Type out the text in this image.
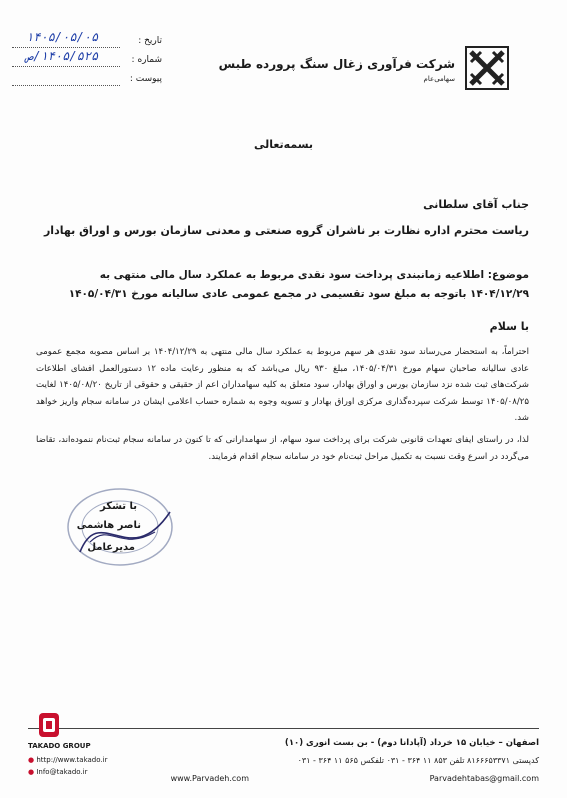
شرکت فرآوری زغال سنگ پرورده طبس
سهامی‌عام
تاریخ :
۱۴۰۵/۰۵/۰۵
شماره :
۱۴۰۵/۵۲۵/ص
پیوست :
بسمه‌تعالی
جناب آقای سلطانی
ریاست محترم اداره نظارت بر ناشران گروه صنعتی و معدنی سازمان بورس و اوراق بهادار
موضوع: اطلاعیه زمانبندی پرداخت سود نقدی مربوط به عملکرد سال مالی منتهی به ۱۴۰۴/۱۲/۲۹ باتوجه به مبلغ سود تقسیمی در مجمع عمومی عادی سالیانه مورخ ۱۴۰۵/۰۴/۳۱
با سلام
احتراماً، به استحضار می‌رساند سود نقدی هر سهم مربوط به عملکرد سال مالی منتهی به ۱۴۰۴/۱۲/۲۹ بر اساس مصوبه مجمع عمومی عادی سالیانه صاحبان سهام مورخ ۱۴۰۵/۰۴/۳۱، مبلغ ۹۳۰ ریال می‌باشد که به منظور رعایت ماده ۱۲ دستورالعمل افشای اطلاعات شرکت‌های ثبت شده نزد سازمان بورس و اوراق بهادار، سود متعلق به کلیه سهامداران اعم از حقیقی و حقوقی از تاریخ ۱۴۰۵/۰۸/۲۰ لغایت ۱۴۰۵/۰۸/۲۵ توسط شرکت سپرده‌گذاری مرکزی اوراق بهادار و تسویه وجوه به شماره حساب اعلامی ایشان در سامانه سجام واریز خواهد شد.
لذا، در راستای ایفای تعهدات قانونی شرکت برای پرداخت سود سهام، از سهامدارانی که تا کنون در سامانه سجام ثبت‌نام ننموده‌اند، تقاضا می‌گردد در اسرع وقت نسبت به تکمیل مراحل ثبت‌نام خود در سامانه سجام اقدام فرمایند.
با تشکر
ناصر هاشمی
مدیرعامل
اصفهان – خیابان ۱۵ خرداد (آپادانا دوم) - بن بست انوری (۱۰)
کدپستی ۸۱۶۶۶۵۳۳۷۱ تلفن ۸۵۳ ۱۱ ۳۶۴ - ۰۳۱ تلفکس ۵۶۵ ۱۱ ۳۶۴ - ۰۳۱
www.Parvadeh.com	Parvadehtabas@gmail.com
TAKADO GROUP
● http://www.takado.ir
● Info@takado.ir
